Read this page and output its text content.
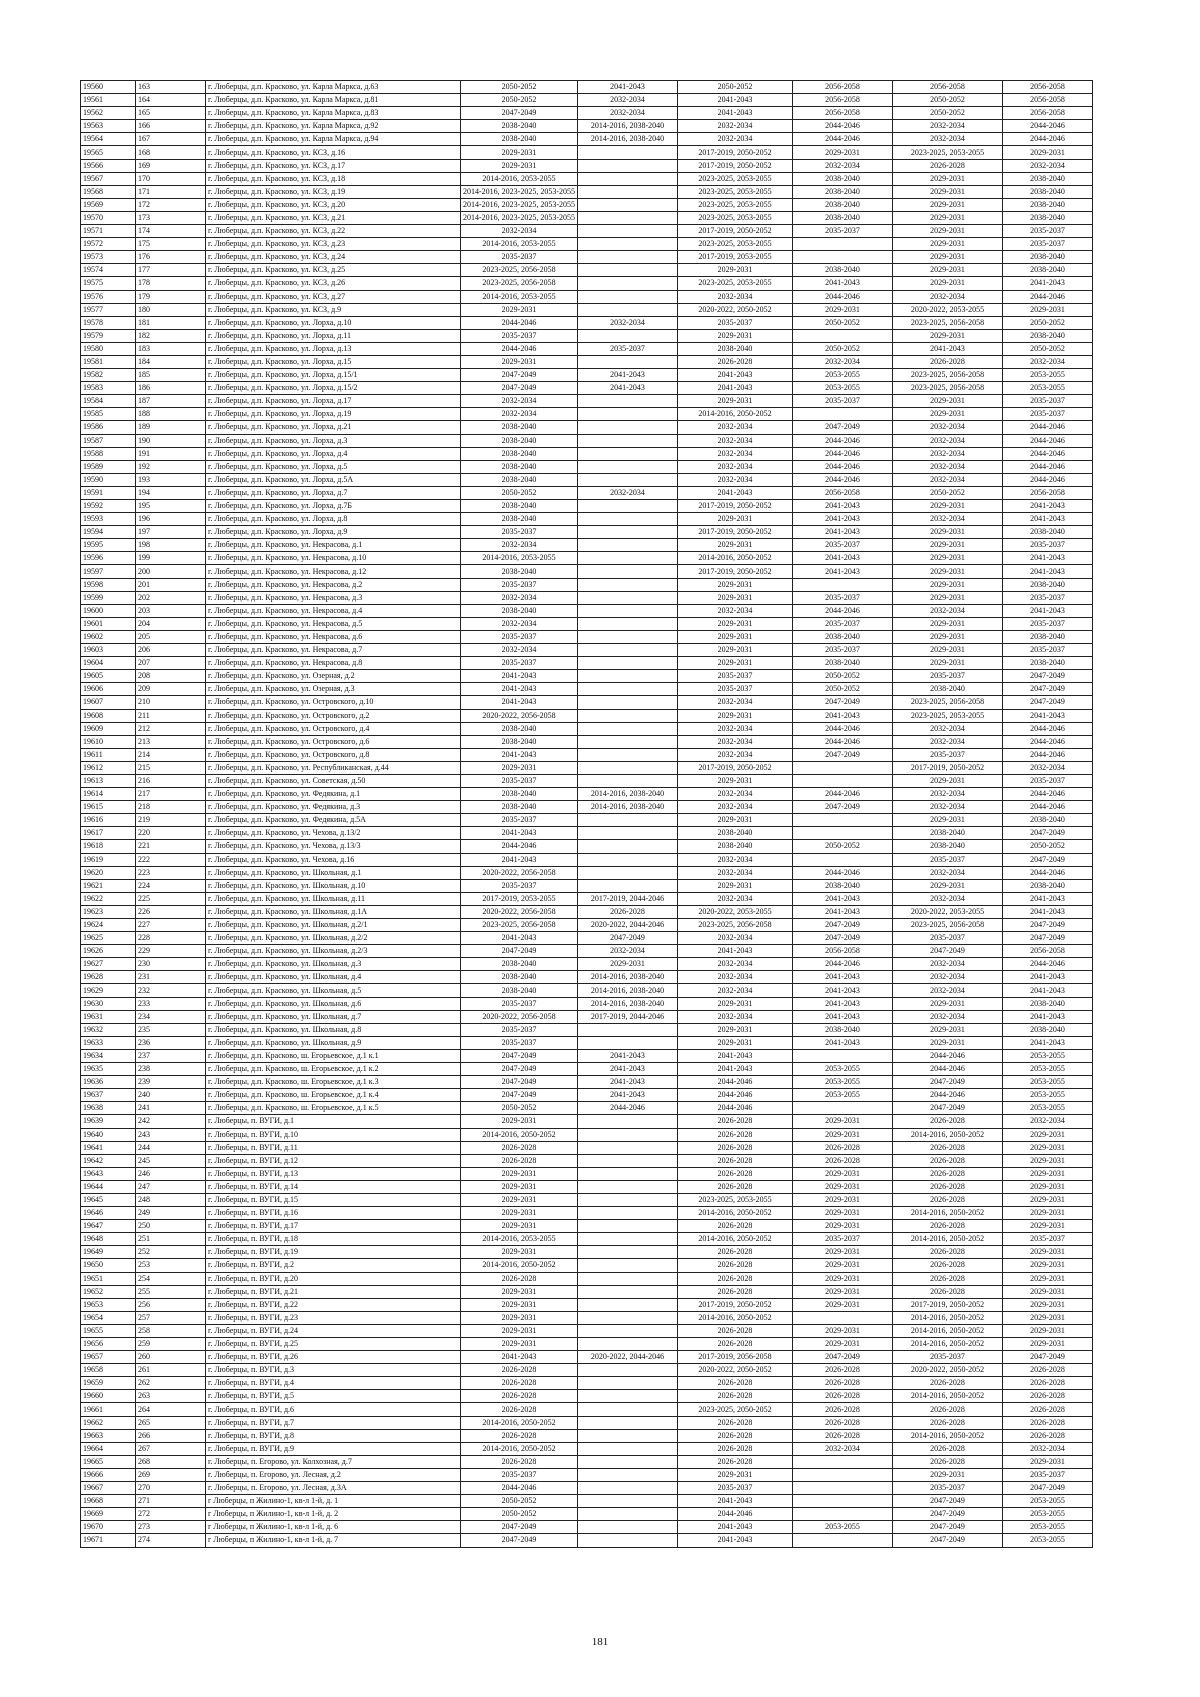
19560	163	г. Люберцы, д.п. Красково, ул. Карла Маркса, д.63	2050-2052	2041-2043	2050-2052	2056-2058	2056-2058	2056-2058
19561	164	г. Люберцы, д.п. Красково, ул. Карла Маркса, д.81	2050-2052	2032-2034	2041-2043	2056-2058	2050-2052	2056-2058
19562	165	г. Люберцы, д.п. Красково, ул. Карла Маркса, д.83	2047-2049	2032-2034	2041-2043	2056-2058	2050-2052	2056-2058
19563	166	г. Люберцы, д.п. Красково, ул. Карла Маркса, д.92	2038-2040	2014-2016, 2038-2040	2032-2034	2044-2046	2032-2034	2044-2046
19564	167	г. Люберцы, д.п. Красково, ул. Карла Маркса, д.94	2038-2040	2014-2016, 2038-2040	2032-2034	2044-2046	2032-2034	2044-2046
19565	168	г. Люберцы, д.п. Красково, ул. КСЗ, д.16	2029-2031		2017-2019, 2050-2052	2029-2031	2023-2025, 2053-2055	2029-2031
19566	169	г. Люберцы, д.п. Красково, ул. КСЗ, д.17	2029-2031		2017-2019, 2050-2052	2032-2034	2026-2028	2032-2034
19567	170	г. Люберцы, д.п. Красково, ул. КСЗ, д.18	2014-2016, 2053-2055		2023-2025, 2053-2055	2038-2040	2029-2031	2038-2040
19568	171	г. Люберцы, д.п. Красково, ул. КСЗ, д.19	2014-2016, 2023-2025, 2053-2055		2023-2025, 2053-2055	2038-2040	2029-2031	2038-2040
19569	172	г. Люберцы, д.п. Красково, ул. КСЗ, д.20	2014-2016, 2023-2025, 2053-2055		2023-2025, 2053-2055	2038-2040	2029-2031	2038-2040
19570	173	г. Люберцы, д.п. Красково, ул. КСЗ, д.21	2014-2016, 2023-2025, 2053-2055		2023-2025, 2053-2055	2038-2040	2029-2031	2038-2040
19571	174	г. Люберцы, д.п. Красково, ул. КСЗ, д.22	2032-2034		2017-2019, 2050-2052	2035-2037	2029-2031	2035-2037
19572	175	г. Люберцы, д.п. Красково, ул. КСЗ, д.23	2014-2016, 2053-2055		2023-2025, 2053-2055		2029-2031	2035-2037
19573	176	г. Люберцы, д.п. Красково, ул. КСЗ, д.24	2035-2037		2017-2019, 2053-2055		2029-2031	2038-2040
19574	177	г. Люберцы, д.п. Красково, ул. КСЗ, д.25	2023-2025, 2056-2058		2029-2031	2038-2040	2029-2031	2038-2040
19575	178	г. Люберцы, д.п. Красково, ул. КСЗ, д.26	2023-2025, 2056-2058		2023-2025, 2053-2055	2041-2043	2029-2031	2041-2043
19576	179	г. Люберцы, д.п. Красково, ул. КСЗ, д.27	2014-2016, 2053-2055		2032-2034	2044-2046	2032-2034	2044-2046
19577	180	г. Люберцы, д.п. Красково, ул. КСЗ, д.9	2029-2031		2020-2022, 2050-2052	2029-2031	2020-2022, 2053-2055	2029-2031
19578	181	г. Люберцы, д.п. Красково, ул. Лорха, д.10	2044-2046	2032-2034	2035-2037	2050-2052	2023-2025, 2056-2058	2050-2052
19579	182	г. Люберцы, д.п. Красково, ул. Лорха, д.11	2035-2037		2029-2031		2029-2031	2038-2040
19580	183	г. Люберцы, д.п. Красково, ул. Лорха, д.13	2044-2046	2035-2037	2038-2040	2050-2052	2041-2043	2050-2052
19581	184	г. Люберцы, д.п. Красково, ул. Лорха, д.15	2029-2031		2026-2028	2032-2034	2026-2028	2032-2034
19582	185	г. Люберцы, д.п. Красково, ул. Лорха, д.15/1	2047-2049	2041-2043	2041-2043	2053-2055	2023-2025, 2056-2058	2053-2055
19583	186	г. Люберцы, д.п. Красково, ул. Лорха, д.15/2	2047-2049	2041-2043	2041-2043	2053-2055	2023-2025, 2056-2058	2053-2055
19584	187	г. Люберцы, д.п. Красково, ул. Лорха, д.17	2032-2034		2029-2031	2035-2037	2029-2031	2035-2037
19585	188	г. Люберцы, д.п. Красково, ул. Лорха, д.19	2032-2034		2014-2016, 2050-2052		2029-2031	2035-2037
19586	189	г. Люберцы, д.п. Красково, ул. Лорха, д.21	2038-2040		2032-2034	2047-2049	2032-2034	2044-2046
19587	190	г. Люберцы, д.п. Красково, ул. Лорха, д.3	2038-2040		2032-2034	2044-2046	2032-2034	2044-2046
19588	191	г. Люберцы, д.п. Красково, ул. Лорха, д.4	2038-2040		2032-2034	2044-2046	2032-2034	2044-2046
19589	192	г. Люберцы, д.п. Красково, ул. Лорха, д.5	2038-2040		2032-2034	2044-2046	2032-2034	2044-2046
19590	193	г. Люберцы, д.п. Красково, ул. Лорха, д.5А	2038-2040		2032-2034	2044-2046	2032-2034	2044-2046
19591	194	г. Люберцы, д.п. Красково, ул. Лорха, д.7	2050-2052	2032-2034	2041-2043	2056-2058	2050-2052	2056-2058
19592	195	г. Люберцы, д.п. Красково, ул. Лорха, д.7Б	2038-2040		2017-2019, 2050-2052	2041-2043	2029-2031	2041-2043
19593	196	г. Люберцы, д.п. Красково, ул. Лорха, д.8	2038-2040		2029-2031	2041-2043	2032-2034	2041-2043
19594	197	г. Люберцы, д.п. Красково, ул. Лорха, д.9	2035-2037		2017-2019, 2050-2052	2041-2043	2029-2031	2038-2040
19595	198	г. Люберцы, д.п. Красково, ул. Некрасова, д.1	2032-2034		2029-2031	2035-2037	2029-2031	2035-2037
19596	199	г. Люберцы, д.п. Красково, ул. Некрасова, д.10	2014-2016, 2053-2055		2014-2016, 2050-2052	2041-2043	2029-2031	2041-2043
19597	200	г. Люберцы, д.п. Красково, ул. Некрасова, д.12	2038-2040		2017-2019, 2050-2052	2041-2043	2029-2031	2041-2043
19598	201	г. Люберцы, д.п. Красково, ул. Некрасова, д.2	2035-2037		2029-2031		2029-2031	2038-2040
19599	202	г. Люберцы, д.п. Красково, ул. Некрасова, д.3	2032-2034		2029-2031	2035-2037	2029-2031	2035-2037
19600	203	г. Люберцы, д.п. Красково, ул. Некрасова, д.4	2038-2040		2032-2034	2044-2046	2032-2034	2041-2043
19601	204	г. Люберцы, д.п. Красково, ул. Некрасова, д.5	2032-2034		2029-2031	2035-2037	2029-2031	2035-2037
19602	205	г. Люберцы, д.п. Красково, ул. Некрасова, д.6	2035-2037		2029-2031	2038-2040	2029-2031	2038-2040
19603	206	г. Люберцы, д.п. Красково, ул. Некрасова, д.7	2032-2034		2029-2031	2035-2037	2029-2031	2035-2037
19604	207	г. Люберцы, д.п. Красково, ул. Некрасова, д.8	2035-2037		2029-2031	2038-2040	2029-2031	2038-2040
19605	208	г. Люберцы, д.п. Красково, ул. Озерная, д.2	2041-2043		2035-2037	2050-2052	2035-2037	2047-2049
19606	209	г. Люберцы, д.п. Красково, ул. Озерная, д.3	2041-2043		2035-2037	2050-2052	2038-2040	2047-2049
19607	210	г. Люберцы, д.п. Красково, ул. Островского, д.10	2041-2043		2032-2034	2047-2049	2023-2025, 2056-2058	2047-2049
19608	211	г. Люберцы, д.п. Красково, ул. Островского, д.2	2020-2022, 2056-2058		2029-2031	2041-2043	2023-2025, 2053-2055	2041-2043
19609	212	г. Люберцы, д.п. Красково, ул. Островского, д.4	2038-2040		2032-2034	2044-2046	2032-2034	2044-2046
19610	213	г. Люберцы, д.п. Красково, ул. Островского, д.6	2038-2040		2032-2034	2044-2046	2032-2034	2044-2046
19611	214	г. Люберцы, д.п. Красково, ул. Островского, д.8	2041-2043		2032-2034	2047-2049	2035-2037	2044-2046
19612	215	г. Люберцы, д.п. Красково, ул. Республиканская, д.44	2029-2031		2017-2019, 2050-2052		2017-2019, 2050-2052	2032-2034
19613	216	г. Люберцы, д.п. Красково, ул. Советская, д.50	2035-2037		2029-2031		2029-2031	2035-2037
19614	217	г. Люберцы, д.п. Красково, ул. Федякина, д.1	2038-2040	2014-2016, 2038-2040	2032-2034	2044-2046	2032-2034	2044-2046
19615	218	г. Люберцы, д.п. Красково, ул. Федякина, д.3	2038-2040	2014-2016, 2038-2040	2032-2034	2047-2049	2032-2034	2044-2046
19616	219	г. Люберцы, д.п. Красково, ул. Федякина, д.5А	2035-2037		2029-2031		2029-2031	2038-2040
19617	220	г. Люберцы, д.п. Красково, ул. Чехова, д.13/2	2041-2043		2038-2040		2038-2040	2047-2049
19618	221	г. Люберцы, д.п. Красково, ул. Чехова, д.13/3	2044-2046		2038-2040	2050-2052	2038-2040	2050-2052
19619	222	г. Люберцы, д.п. Красково, ул. Чехова, д.16	2041-2043		2032-2034		2035-2037	2047-2049
19620	223	г. Люберцы, д.п. Красково, ул. Школьная, д.1	2020-2022, 2056-2058		2032-2034	2044-2046	2032-2034	2044-2046
19621	224	г. Люберцы, д.п. Красково, ул. Школьная, д.10	2035-2037		2029-2031	2038-2040	2029-2031	2038-2040
19622	225	г. Люберцы, д.п. Красково, ул. Школьная, д.11	2017-2019, 2053-2055	2017-2019, 2044-2046	2032-2034	2041-2043	2032-2034	2041-2043
19623	226	г. Люберцы, д.п. Красково, ул. Школьная, д.1А	2020-2022, 2056-2058	2026-2028	2020-2022, 2053-2055	2041-2043	2020-2022, 2053-2055	2041-2043
19624	227	г. Люберцы, д.п. Красково, ул. Школьная, д.2/1	2023-2025, 2056-2058	2020-2022, 2044-2046	2023-2025, 2056-2058	2047-2049	2023-2025, 2056-2058	2047-2049
19625	228	г. Люберцы, д.п. Красково, ул. Школьная, д.2/2	2041-2043	2047-2049	2032-2034	2047-2049	2035-2037	2047-2049
19626	229	г. Люберцы, д.п. Красково, ул. Школьная, д.2/3	2047-2049	2032-2034	2041-2043	2056-2058	2047-2049	2056-2058
19627	230	г. Люберцы, д.п. Красково, ул. Школьная, д.3	2038-2040	2029-2031	2032-2034	2044-2046	2032-2034	2044-2046
19628	231	г. Люберцы, д.п. Красково, ул. Школьная, д.4	2038-2040	2014-2016, 2038-2040	2032-2034	2041-2043	2032-2034	2041-2043
19629	232	г. Люберцы, д.п. Красково, ул. Школьная, д.5	2038-2040	2014-2016, 2038-2040	2032-2034	2041-2043	2032-2034	2041-2043
19630	233	г. Люберцы, д.п. Красково, ул. Школьная, д.6	2035-2037	2014-2016, 2038-2040	2029-2031	2041-2043	2029-2031	2038-2040
19631	234	г. Люберцы, д.п. Красково, ул. Школьная, д.7	2020-2022, 2056-2058	2017-2019, 2044-2046	2032-2034	2041-2043	2032-2034	2041-2043
19632	235	г. Люберцы, д.п. Красково, ул. Школьная, д.8	2035-2037		2029-2031	2038-2040	2029-2031	2038-2040
19633	236	г. Люберцы, д.п. Красково, ул. Школьная, д.9	2035-2037		2029-2031	2041-2043	2029-2031	2041-2043
19634	237	г. Люберцы, д.п. Красково, ш. Егорьевское, д.1 к.1	2047-2049	2041-2043	2041-2043		2044-2046	2053-2055
19635	238	г. Люберцы, д.п. Красково, ш. Егорьевское, д.1 к.2	2047-2049	2041-2043	2041-2043	2053-2055	2044-2046	2053-2055
19636	239	г. Люберцы, д.п. Красково, ш. Егорьевское, д.1 к.3	2047-2049	2041-2043	2044-2046	2053-2055	2047-2049	2053-2055
19637	240	г. Люберцы, д.п. Красково, ш. Егорьевское, д.1 к.4	2047-2049	2041-2043	2044-2046	2053-2055	2044-2046	2053-2055
19638	241	г. Люберцы, д.п. Красково, ш. Егорьевское, д.1 к.5	2050-2052	2044-2046	2044-2046		2047-2049	2053-2055
19639	242	г. Люберцы, п. ВУГИ, д.1	2029-2031		2026-2028	2029-2031	2026-2028	2032-2034
19640	243	г. Люберцы, п. ВУГИ, д.10	2014-2016, 2050-2052		2026-2028	2029-2031	2014-2016, 2050-2052	2029-2031
19641	244	г. Люберцы, п. ВУГИ, д.11	2026-2028		2026-2028	2026-2028	2026-2028	2029-2031
19642	245	г. Люберцы, п. ВУГИ, д.12	2026-2028		2026-2028	2026-2028	2026-2028	2029-2031
19643	246	г. Люберцы, п. ВУГИ, д.13	2029-2031		2026-2028	2029-2031	2026-2028	2029-2031
19644	247	г. Люберцы, п. ВУГИ, д.14	2029-2031		2026-2028	2029-2031	2026-2028	2029-2031
19645	248	г. Люберцы, п. ВУГИ, д.15	2029-2031		2023-2025, 2053-2055	2029-2031	2026-2028	2029-2031
19646	249	г. Люберцы, п. ВУГИ, д.16	2029-2031		2014-2016, 2050-2052	2029-2031	2014-2016, 2050-2052	2029-2031
19647	250	г. Люберцы, п. ВУГИ, д.17	2029-2031		2026-2028	2029-2031	2026-2028	2029-2031
19648	251	г. Люберцы, п. ВУГИ, д.18	2014-2016, 2053-2055		2014-2016, 2050-2052	2035-2037	2014-2016, 2050-2052	2035-2037
19649	252	г. Люберцы, п. ВУГИ, д.19	2029-2031		2026-2028	2029-2031	2026-2028	2029-2031
19650	253	г. Люберцы, п. ВУГИ, д.2	2014-2016, 2050-2052		2026-2028	2029-2031	2026-2028	2029-2031
19651	254	г. Люберцы, п. ВУГИ, д.20	2026-2028		2026-2028	2029-2031	2026-2028	2029-2031
19652	255	г. Люберцы, п. ВУГИ, д.21	2029-2031		2026-2028	2029-2031	2026-2028	2029-2031
19653	256	г. Люберцы, п. ВУГИ, д.22	2029-2031		2017-2019, 2050-2052	2029-2031	2017-2019, 2050-2052	2029-2031
19654	257	г. Люберцы, п. ВУГИ, д.23	2029-2031		2014-2016, 2050-2052		2014-2016, 2050-2052	2029-2031
19655	258	г. Люберцы, п. ВУГИ, д.24	2029-2031		2026-2028	2029-2031	2014-2016, 2050-2052	2029-2031
19656	259	г. Люберцы, п. ВУГИ, д.25	2029-2031		2026-2028	2029-2031	2014-2016, 2050-2052	2029-2031
19657	260	г. Люберцы, п. ВУГИ, д.26	2041-2043	2020-2022, 2044-2046	2017-2019, 2056-2058	2047-2049	2035-2037	2047-2049
19658	261	г. Люберцы, п. ВУГИ, д.3	2026-2028		2020-2022, 2050-2052	2026-2028	2020-2022, 2050-2052	2026-2028
19659	262	г. Люберцы, п. ВУГИ, д.4	2026-2028		2026-2028	2026-2028	2026-2028	2026-2028
19660	263	г. Люберцы, п. ВУГИ, д.5	2026-2028		2026-2028	2026-2028	2014-2016, 2050-2052	2026-2028
19661	264	г. Люберцы, п. ВУГИ, д.6	2026-2028		2023-2025, 2050-2052	2026-2028	2026-2028	2026-2028
19662	265	г. Люберцы, п. ВУГИ, д.7	2014-2016, 2050-2052		2026-2028	2026-2028	2026-2028	2026-2028
19663	266	г. Люберцы, п. ВУГИ, д.8	2026-2028		2026-2028	2026-2028	2014-2016, 2050-2052	2026-2028
19664	267	г. Люберцы, п. ВУГИ, д.9	2014-2016, 2050-2052		2026-2028	2032-2034	2026-2028	2032-2034
19665	268	г. Люберцы, п. Егорово, ул. Колхозная, д.7	2026-2028		2026-2028		2026-2028	2029-2031
19666	269	г. Люберцы, п. Егорово, ул. Лесная, д.2	2035-2037		2029-2031		2029-2031	2035-2037
19667	270	г. Люберцы, п. Егорово, ул. Лесная, д.3А	2044-2046		2035-2037		2035-2037	2047-2049
19668	271	г Люберцы, п Жилино-1, кв-л 1-й, д. 1	2050-2052		2041-2043		2047-2049	2053-2055
19669	272	г Люберцы, п Жилино-1, кв-л 1-й, д. 2	2050-2052		2044-2046		2047-2049	2053-2055
19670	273	г Люберцы, п Жилино-1, кв-л 1-й, д. 6	2047-2049		2041-2043	2053-2055	2047-2049	2053-2055
19671	274	г Люберцы, п Жилино-1, кв-л 1-й, д. 7	2047-2049		2041-2043		2047-2049	2053-2055
181
